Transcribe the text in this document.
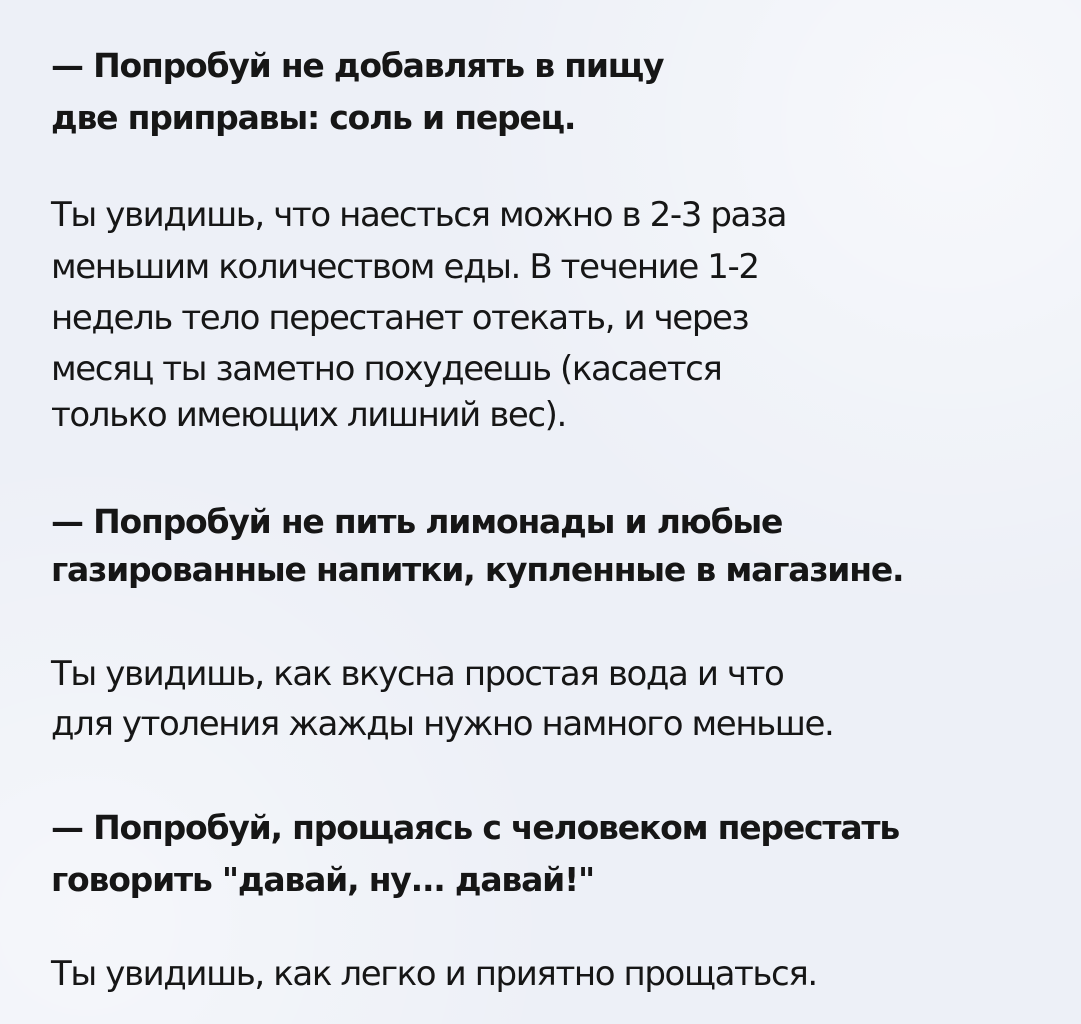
— Попробуй не добавлять в пищу
две приправы: соль и перец.
Ты увидишь, что наесться можно в 2-3 раза
меньшим количеством еды. В течение 1-2
недель тело перестанет отекать, и через
месяц ты заметно похудеешь (касается
только имеющих лишний вес).
— Попробуй не пить лимонады и любые
газированные напитки, купленные в магазине.
Ты увидишь, как вкусна простая вода и что
для утоления жажды нужно намного меньше.
— Попробуй, прощаясь с человеком перестать
говорить "давай, ну... давай!"
Ты увидишь, как легко и приятно прощаться.
